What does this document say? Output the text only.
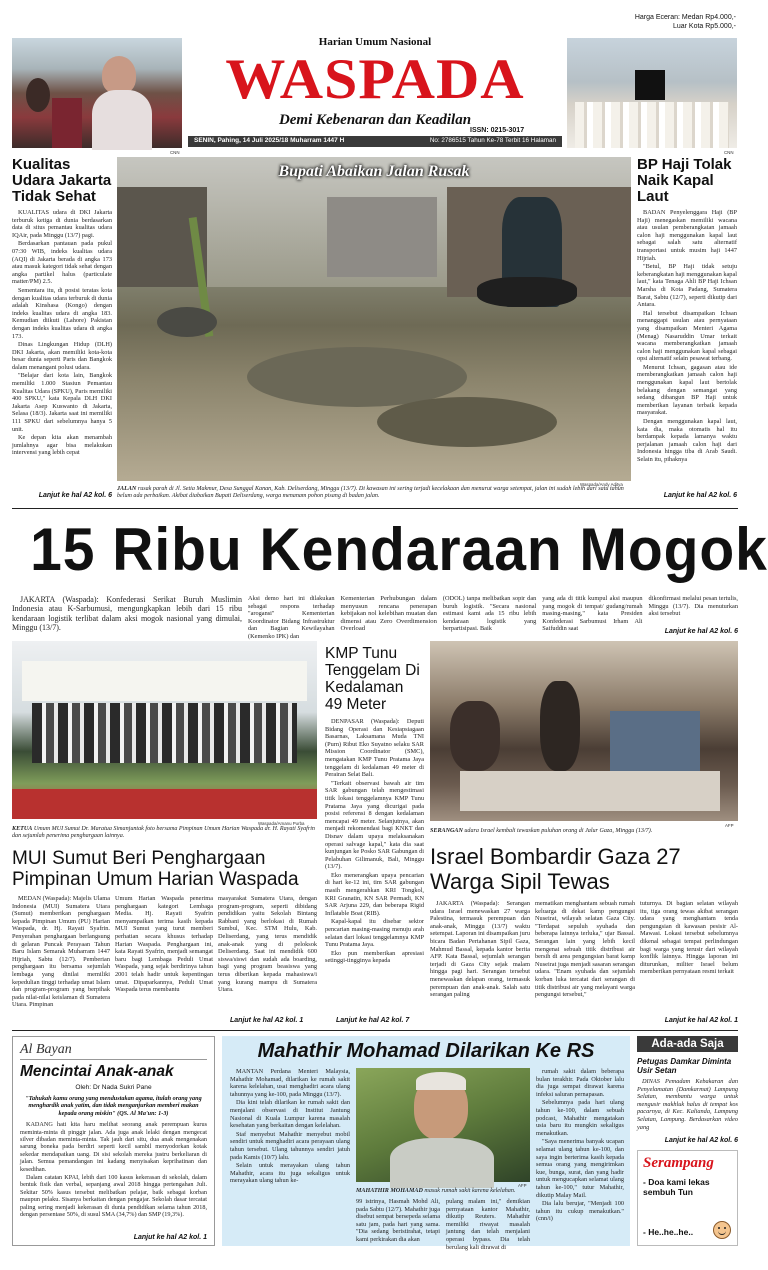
CNN
Harian Umum Nasional
WASPADA
Demi Kebenaran dan Keadilan
ISSN: 0215-3017
SENIN, Pahing, 14 Juli 2025/18 Muharram 1447 H	No: 2786515 Tahun Ke-78 Terbit 16 Halaman
Harga Eceran: Medan Rp4.000,-
Luar Kota Rp5.000,-
CNN
Kualitas Udara Jakarta Tidak Sehat

KUALITAS udara di DKI Jakarta terburuk ketiga di dunia berdasarkan data di situs pemantau kualitas udara IQAir, pada Minggu (13/7) pagi.

Berdasarkan pantauan pada pukul 07:30 WIB, indeks kualitas udara (AQI) di Jakarta berada di angka 173 atau masuk kategori tidak sehat dengan angka partikel halus (particulate matter/PM) 2.5.

Sementara itu, di posisi teratas kota dengan kualitas udara terburuk di dunia adalah Kinshasa (Kongo) dengan indeks kualitas udara di angka 183. Kemudian diikuti (Lahore) Pakistan dengan indeks kualitas udara di angka 173.

Dinas Lingkungan Hidup (DLH) DKI Jakarta, akan memiliki kota-kota besar dunia seperti Paris dan Bangkok dalam menangani polusi udara.

"Belajar dari kota lain, Bangkok memiliki 1.000 Stasiun Pemantau Kualitas Udara (SPKU), Paris memiliki 400 SPKU," kata Kepala DLH DKI Jakarta Asep Kuswanto di Jakarta, Selasa (18/3). Jakarta saat ini memiliki 111 SPKU dari sebelumnya hanya 5 unit.

Ke depan kita akan menambah jumlahnya agar bisa melakukan intervensi yang lebih cepat

Lanjut ke hal A2 kol. 6
Bupati Abaikan Jalan Rusak
Waspada/Andy Aditya
JALAN rusak parah di Jl. Setia Makmur, Desa Sunggal Kanan, Kab. Deliserdang, Minggu (13/7). Di kawasan ini sering terjadi kecelakaan dan menurut warga setempat, jalan ini sudah lebih dari satu tahun belum ada perbaikan. Akibat diabaikan Bupati Deliserdang, warga menanam pohon pisang di badan jalan.
BP Haji Tolak Naik Kapal Laut

BADAN Penyelenggara Haji (BP Haji) menegaskan memiliki wacana atau usulan pemberangkatan jamaah calon haji menggunakan kapal laut sebagai salah satu alternatif transportasi untuk musim haji 1447 Hijriah.

"Betul, BP Haji tidak setuju keberangkatan haji menggunakan kapal laut," kata Tenaga Ahli BP Haji Ichsan Marsha di Kota Padang, Sumatera Barat, Sabtu (12/7), seperti dikutip dari Antara.

Hal tersebut disampaikan Ichsan menanggapi usulan atau pernyataan yang disampaikan Menteri Agama (Menag) Nasaruddin Umar terkait wacana memberangkatkan jamaah calon haji menggunakan kapal sebagai opsi alternatif selain pesawat terbang.

Menurut Ichsan, gagasan atau ide memberangkatkan jamaah calon haji menggunakan kapal laut bertolak belakang dengan semangat yang sedang dibangun BP Haji untuk memberikan layanan terbaik kepada masyarakat.

Dengan menggunakan kapal laut, kata dia, maka otomatis hal itu berdampak kepada lamanya waktu perjalanan jamaah calon haji dari Indonesia hingga tiba di Arab Saudi. Selain itu, pihaknya

Lanjut ke hal A2 kol. 6
15 Ribu Kendaraan Mogok
JAKARTA (Waspada): Konfederasi Serikat Buruh Muslimin Indonesia atau K-Sarbumusi, mengungkapkan lebih dari 15 ribu kendaraan logistik terlibat dalam aksi mogok nasional yang dimulai, Minggu (13/7).
Aksi demo hari ini dilakukan sebagai respons terhadap "arogansi" Kementerian Koordinator Bidang Infrastruktur dan Bagian Kewilayahan (Kemenko IPK) dan
Kementerian Perhubungan dalam menyusun rencana penerapan kebijakan nol kelebihan muatan dan dimensi atau Zero Overdimension Overload
(ODOL) tanpa melibatkan sopir dan buruh logistik. "Secara nasional estimasi kami ada 15 ribu lebih kendaraan logistik yang berpartisipasi. Baik
yang ada di titik kumpul aksi maupun yang mogok di tempat/ gudang/rumah masing-masing," kata Presiden Konfederasi Sarbumusi Irham Ali Saifuddin saat
dikonfirmasi melalui pesan tertulis, Minggu (13/7). Dia menuturkan aksi tersebut
Lanjut ke hal A2 kol. 6
Waspada/Amanu Purba
KETUA Umum MUI Sumut Dr. Maratua Simanjuntak foto bersama Pimpinan Umum Harian Waspada dr. H. Rayati Syafrin dan sejumlah penerima penghargaan lainnya.
KMP Tunu Tenggelam Di Kedalaman 49 Meter

DENPASAR (Waspada): Deputi Bidang Operasi dan Kesiapsiagaan Basarnas, Laksamana Muda TNI (Purn) Ribut Eko Suyatno selaku SAR Mission Coordinator (SMC), mengatakan KMP Tunu Pratama Jaya tenggelam di kedalaman 49 meter di Perairan Selat Bali.

"Terkait observasi bawah air tim SAR gabungan telah mengestimasi titik lokasi tenggelamnya KMP Tunu Pratama Jaya yang dicurigai pada posisi referensi 8 dengan kedalaman mencapai 49 meter. Selanjutnya, akan menjadi rekomendasi bagi KNKT dan Disnav dalam upaya melaksanakan operasi salvage kapal," kata dia saat kunjungan ke Posko SAR Gabungan di Pelabuhan Gilimanuk, Bali, Minggu (13/7).

Eko menerangkan upaya pencarian di hari ke-12 ini, tim SAR gabungan masih mengerahkan KRI Tongkol, KRI Granatin, KN SAR Permadi, KN SAR Arjuna 229, dan beberapa Rigid Inflatable Boat (RIB).

Kapal-kapal itu disebar sektor pencarian masing-masing menuju arah selatan dari lokasi tenggelamnya KMP Tunu Pratama Jaya.

Eko pun memberikan apresiasi setinggi-tingginya kepada

AFP
SERANGAN udara Israel kembali tewaskan puluhan orang di Jalur Gaza, Minggu (13/7).
MUI Sumut Beri Penghargaan Pimpinan Umum Harian Waspada
MEDAN (Waspada): Majelis Ulama Indonesia (MUI) Sumatera Utara (Sumut) memberikan penghargaan kepada Pimpinan Umum (PU) Harian Waspada, dr. Hj. Rayati Syafrin. Penyerahan penghargaan berlangsung di gelaran Puncak Perayaan Tahun Baru Islam Semarak Muharram 1447 Hijriah, Sabtu (12/7). Pemberian penghargaan itu bersama sejumlah lembaga yang dinilai memiliki kepedulian tinggi terhadap umat Islam dan program-program yang berpihak pada nilai-nilai keislaman di Sumatera Utara. Pimpinan
Umum Harian Waspada penerima penghargaan kategori Lembaga Media. Hj. Rayati Syafrin menyampaikan terima kasih kepada MUI Sumut yang turut memberi perhatian secara khusus terhadap Harian Waspada. Penghargaan ini, kata Rayati Syafrin, menjadi semangat baru bagi Lembaga Peduli Umat Waspada, yang sejak berdirinya tahun 2001 telah hadir untuk kepentingan umat. Dipaparkannya, Peduli Umat Waspada terus membantu
masyarakat Sumatera Utara, dengan program-program, seperti dibidang pendidikan yaitu Sekolah Bintang Rabbani yang berlokasi di Rumah Sumbul, Kec. STM Hulu, Kab. Deliserdang, yang terus mendidik anak-anak yang di peloksok Deliserdang. Saat ini mendidik 600 siswa/siswi dan sudah ada boarding, bagi yang program beasiswa yang terus diberikan kepada mahasiswa/i yang kurang mampu di Sumatera Utara.
Lanjut ke hal A2 kol. 1	Lanjut ke hal A2 kol. 7
Israel Bombardir Gaza 27 Warga Sipil Tewas
JAKARTA (Waspada): Serangan udara Israel menewaskan 27 warga Palestina, termasuk perempuan dan anak-anak, Minggu (13/7) waktu setempat. Laporan ini disampaikan juru bicara Badan Pertahanan Sipil Gaza, Mahmud Bassal, kepada kantor berita AFP. Kata Bassal, sejumlah serangan terjadi di Gaza City sejak malam hingga pagi hari. Serangan tersebut menewaskan delapan orang, termasuk perempuan dan anak-anak. Salah satu serangan paling
mematikan menghantam sebuah rumah keluarga di dekat kamp pengungsi Nuseirat, wilayah selatan Gaza City. "Terdapat sepuluh syuhada dan beberapa lainnya terluka," ujar Bassal. Serangan lain yang lebih kecil mengenai sebuah titik distribusi air bersih di area pengungsian barat kamp Nuseirat juga menjadi sasaran serangan udara. "Enam syuhada dan sejumlah korban luka tercatat dari serangan di titik distribusi air yang melayani warga pengungsi tersebut,"
tuturnya. Di bagian selatan wilayah itu, tiga orang tewas akibat serangan udara yang menghantam tenda pengungsian di kawasan pesisir Al-Mawasi. Lokasi tersebut sebelumnya dikenal sebagai tempat perlindungan bagi warga yang terusir dari wilayah konflik lainnya. Hingga laporan ini diturunkan, militer Israel belum memberikan pernyataan resmi terkait
Lanjut ke hal A2 kol. 1
Al Bayan
Mencintai Anak-anak
Oleh: Dr Nada Sukri Pane
"Tahukah kamu orang yang mendustakan agama, itulah orang yang menghardik anak yatim, dan tidak menganjurkan memberi makan kepada orang miskin" (QS. Al Ma'un: 1-3)

KADANG hati kita haru melihat seorang anak perempuan kurus meminta-minta di pinggir jalan. Ada juga anak lelaki dengan mengecat silver dibadan meminta-minta. Tak jauh dari situ, dua anak mengenakan sarung boneka pada berdiri seperti kecil sambil menyodorkan kotak sekedar mendapatkan uang. Di sisi sekolah mereka justru berkeliaran di jalan. Semua pemandangan ini kadang menyisakan keprihatinan dan kesedihan.

Dalam catatan KPAI, lebih dari 100 kasus kekerasan di sekolah, dalam bentuk fisik dan verbal, sepanjang awal 2018 hingga pertengahan Juli. Sekitar 50% kasus tersebut melibatkan pelajar, baik sebagai korban maupun pelaku. Sisanya berkaitan dengan pengajar. Sekolah dasar tercatat paling sering menjadi kekerasan di dunia pendidikan selama tahun 2018, dengan persentase 50%, di susul SMA (34,7%) dan SMP (19,3%).

Lanjut ke hal A2 kol. 1
Mahathir Mohamad Dilarikan Ke RS

MANTAN Perdana Menteri Malaysia, Mahathir Mohamad, dilarikan ke rumah sakit karena kelelahan, usai menghadiri acara ulang tahunnya yang ke-100, pada Minggu (13/7).

Dia kini telah dilarikan ke rumah sakit dan menjalani observasi di Institut Jantung Nasional di Kuala Lumpur karena masalah kesehatan yang berkaitan dengan kelelahan.

Staf menyebut Mahathir menyebut mobil sendiri untuk menghadiri acara perayaan ulang tahun tersebut. Ulang tahunnya sendiri jatuh pada Kamis (10/7) lalu.

Selain untuk merayakan ulang tahun Mahathir, acara itu juga sekaligus untuk merayakan ulang tahun ke-

AFP
MAHATHIR MOHAMAD masuk rumah sakit karena kelelahan.
99 istrinya, Hasmah Mohd Ali, pada Sabtu (12/7). Mahathir juga disebut sempat bersepeda selama satu jam, pada hari yang sama. "Dia sedang beristirahat, tetapi kami perkirakan dia akan
pulang malam ini," demikian pernyataan kantor Mahathir, dikutip Reuters. Mahathir memiliki riwayat masalah jantung dan telah menjalani operasi bypass. Dia telah berulang kali dirawat di

rumah sakit dalam beberapa bulan terakhir. Pada Oktober lalu dia juga sempat dirawat karena infeksi saluran pernapasan.

Sebelumnya pada hari ulang tahun ke-100, dalam sebuah podcast, Mahathir mengatakan usia baru itu mungkin sekaligus menakutkan.

"Saya menerima banyak ucapan selamat ulang tahun ke-100, dan saya ingin berterima kasih kepada semua orang yang mengirimkan kue, bunga, surat, dan yang hadir untuk mengucapkan selamat ulang tahun ke-100," tutur Mahathir, dikutip Malay Mail.

Dia lalu berujar, "Menjadi 100 tahun itu cukup menakutkan." (cnn/i)

Ada-ada Saja
Petugas Damkar Diminta Usir Setan
DINAS Pemadam Kebakaran dan Penyelamatan (Damkarmat) Lampung Selatan, membantu warga untuk mengusir makhluk halus di tempat kos pacarnya, di Kec. Kalianda, Lampung Selatan, Lampung. Berdasarkan video yang
Lanjut ke hal A2 kol. 6
Serampang
- Doa kami lekas sembuh Tun
- He..he..he..
